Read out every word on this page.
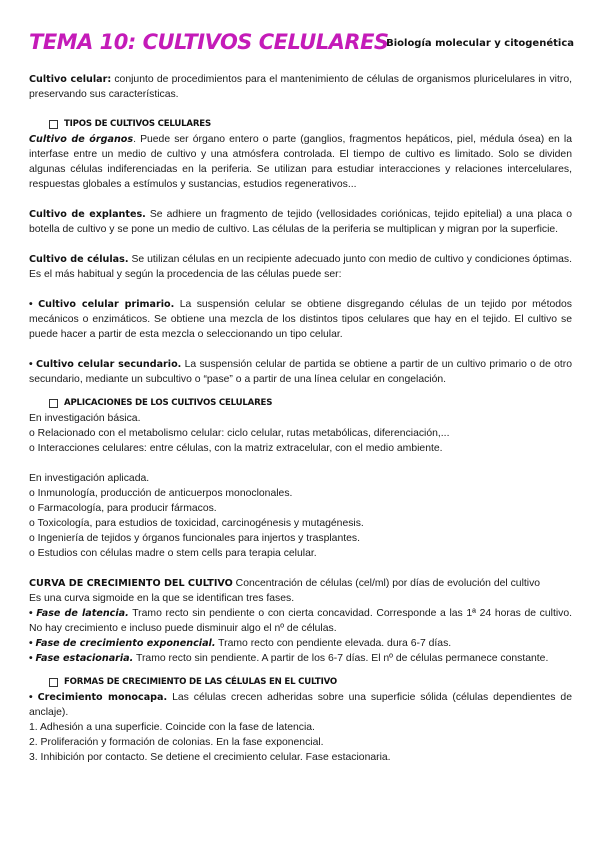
TEMA 10: CULTIVOS CELULARES
Biología molecular y citogenética

Cultivo celular: conjunto de procedimientos para el mantenimiento de células de organismos pluricelulares in vitro, preservando sus características.

TIPOS DE CULTIVOS CELULARES

Cultivo de órganos. Puede ser órgano entero o parte (ganglios, fragmentos hepáticos, piel, médula ósea) en la interfase entre un medio de cultivo y una atmósfera controlada. El tiempo de cultivo es limitado. Solo se dividen algunas células indiferenciadas en la periferia. Se utilizan para estudiar interacciones y relaciones intercelulares, respuestas globales a estímulos y sustancias, estudios regenerativos...

Cultivo de explantes. Se adhiere un fragmento de tejido (vellosidades coriónicas, tejido epitelial) a una placa o botella de cultivo y se pone un medio de cultivo. Las células de la periferia se multiplican y migran por la superficie.

Cultivo de células. Se utilizan células en un recipiente adecuado junto con medio de cultivo y condiciones óptimas. Es el más habitual y según la procedencia de las células puede ser:

• Cultivo celular primario. La suspensión celular se obtiene disgregando células de un tejido por métodos mecánicos o enzimáticos. Se obtiene una mezcla de los distintos tipos celulares que hay en el tejido. El cultivo se puede hacer a partir de esta mezcla o seleccionando un tipo celular.

• Cultivo celular secundario. La suspensión celular de partida se obtiene a partir de un cultivo primario o de otro secundario, mediante un subcultivo o “pase” o a partir de una línea celular en congelación.

APLICACIONES DE LOS CULTIVOS CELULARES
En investigación básica.
o Relacionado con el metabolismo celular: ciclo celular, rutas metabólicas, diferenciación,...
o Interacciones celulares: entre células, con la matriz extracelular, con el medio ambiente.
En investigación aplicada.
o Inmunología, producción de anticuerpos monoclonales.
o Farmacología, para producir fármacos.
o Toxicología, para estudios de toxicidad, carcinogénesis y mutagénesis.
o Ingeniería de tejidos y órganos funcionales para injertos y trasplantes.
o Estudios con células madre o stem cells para terapia celular.
CURVA DE CRECIMIENTO DEL CULTIVO Concentración de células (cel/ml) por días de evolución del cultivo
Es una curva sigmoide en la que se identifican tres fases.

• Fase de latencia. Tramo recto sin pendiente o con cierta concavidad. Corresponde a las 1ª 24 horas de cultivo. No hay crecimiento e incluso puede disminuir algo el nº de células.

• Fase de crecimiento exponencial. Tramo recto con pendiente elevada. dura 6-7 días.
• Fase estacionaria. Tramo recto sin pendiente. A partir de los 6-7 días. El nº de células permanece constante.
FORMAS DE CRECIMIENTO DE LAS CÉLULAS EN EL CULTIVO

• Crecimiento monocapa. Las células crecen adheridas sobre una superficie sólida (células dependientes de anclaje).

1. Adhesión a una superficie. Coincide con la fase de latencia.
2. Proliferación y formación de colonias. En la fase exponencial.
3. Inhibición por contacto. Se detiene el crecimiento celular. Fase estacionaria.
